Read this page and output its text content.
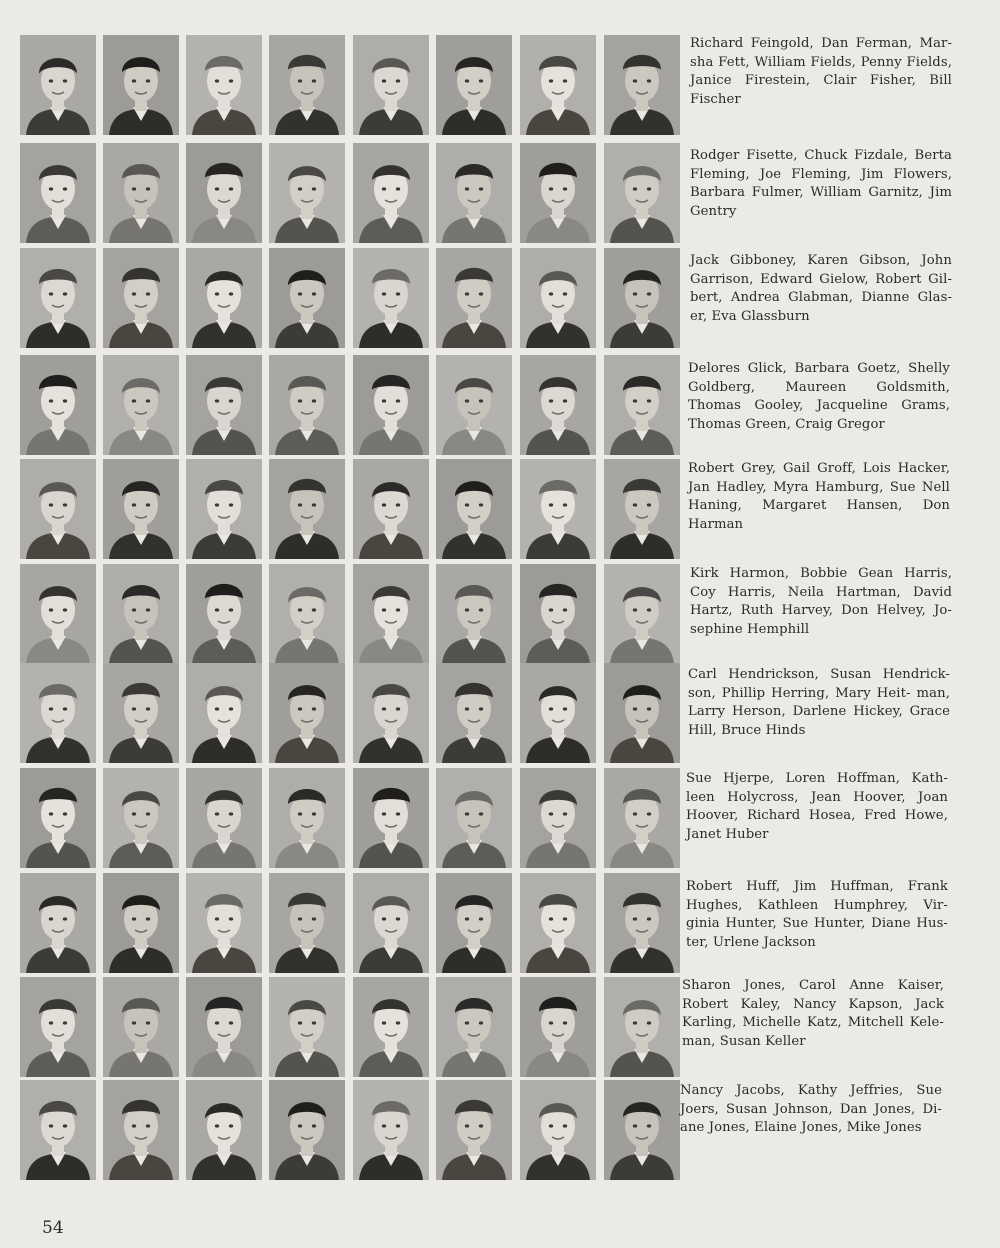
Richard Feingold, Dan Ferman, Mar- sha Fett, William Fields, Penny Fields, Janice Firestein, Clair Fisher, Bill Fischer
Rodger Fisette, Chuck Fizdale, Berta Fleming, Joe Fleming, Jim Flowers, Barbara Fulmer, William Garnitz, Jim Gentry
Jack Gibboney, Karen Gibson, John Garrison, Edward Gielow, Robert Gil- bert, Andrea Glabman, Dianne Glas- er, Eva Glassburn
Delores Glick, Barbara Goetz, Shelly Goldberg, Maureen Goldsmith, Thomas Gooley, Jacqueline Grams, Thomas Green, Craig Gregor
Robert Grey, Gail Groff, Lois Hacker, Jan Hadley, Myra Hamburg, Sue Nell Haning, Margaret Hansen, Don Harman
Kirk Harmon, Bobbie Gean Harris, Coy Harris, Neila Hartman, David Hartz, Ruth Harvey, Don Helvey, Jo- sephine Hemphill
Carl Hendrickson, Susan Hendrick- son, Phillip Herring, Mary Heit- man, Larry Herson, Darlene Hickey, Grace Hill, Bruce Hinds
Sue Hjerpe, Loren Hoffman, Kath- leen Holycross, Jean Hoover, Joan Hoover, Richard Hosea, Fred Howe, Janet Huber
Robert Huff, Jim Huffman, Frank Hughes, Kathleen Humphrey, Vir- ginia Hunter, Sue Hunter, Diane Hus- ter, Urlene Jackson
Sharon Jones, Carol Anne Kaiser, Robert Kaley, Nancy Kapson, Jack Karling, Michelle Katz, Mitchell Kele- man, Susan Keller
Nancy Jacobs, Kathy Jeffries, Sue Joers, Susan Johnson, Dan Jones, Di- ane Jones, Elaine Jones, Mike Jones
54
